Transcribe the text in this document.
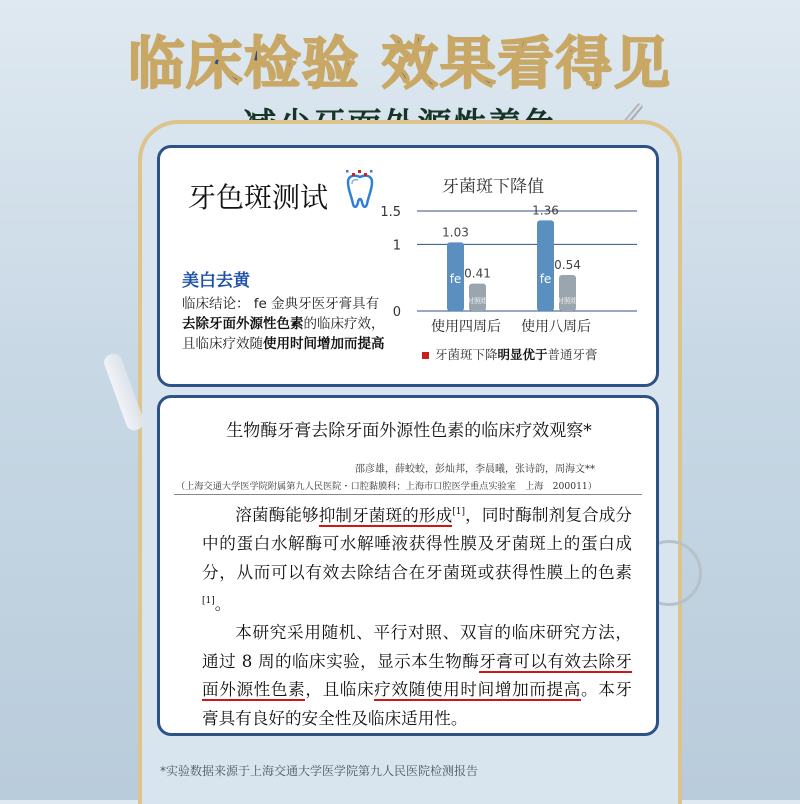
临床检验 效果看得见
牙色斑测试
美白去黄
临床结论： fe 金典牙医牙膏具有去除牙面外源性色素的临床疗效，且临床疗效随使用时间增加而提高
牙菌斑下降值
0
1
1.5
1.03
fe 0.41
对照组
使用四周后
1.36
fe
0.54
对照组
使用八周后
牙菌斑下降明显优于普通牙膏
生物酶牙膏去除牙面外源性色素的临床疗效观察*
邵彦雄，薛蛟蛟，彭灿邦，李晨曦，张诗韵，周海文**
（上海交通大学医学院附属第九人民医院・口腔黏膜科；上海市口腔医学重点实验室　上海　200011）

溶菌酶能够抑制牙菌斑的形成[1]，同时酶制剂复合成分中的蛋白水解酶可水解唾液获得性膜及牙菌斑上的蛋白成分，从而可以有效去除结合在牙菌斑或获得性膜上的色素[1]。

本研究采用随机、平行对照、双盲的临床研究方法，通过 8 周的临床实验，显示本生物酶牙膏可以有效去除牙面外源性色素，且临床疗效随使用时间增加而提高。本牙膏具有良好的安全性及临床适用性。

*实验数据来源于上海交通大学医学院第九人民医院检测报告
